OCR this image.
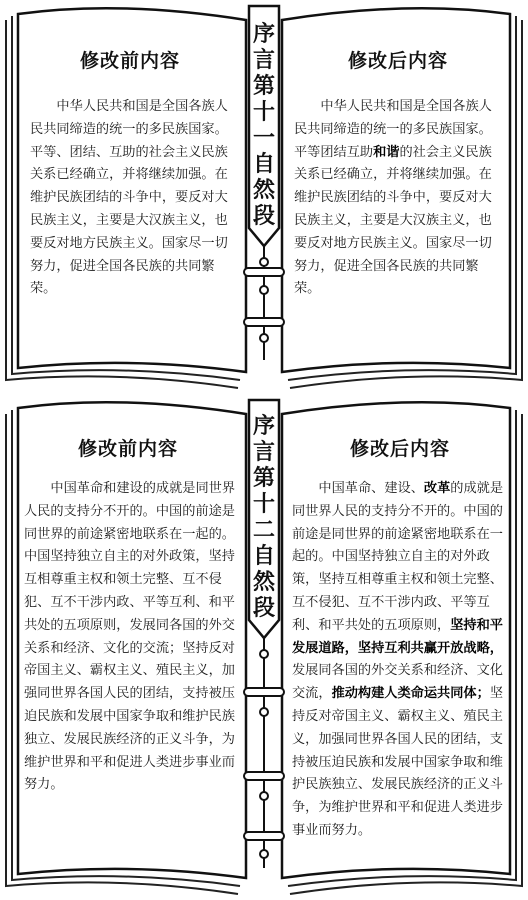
修改前内容	修改后内容
序
言
第
十
一
自
然
段

中华人民共和国是全国各族人民共同缔造的统一的多民族国家。平等、团结、互助的社会主义民族关系已经确立，并将继续加强。在维护民族团结的斗争中，要反对大民族主义，主要是大汉族主义，也要反对地方民族主义。国家尽一切努力，促进全国各民族的共同繁荣。

中华人民共和国是全国各族人民共同缔造的统一的多民族国家。平等团结互助和谐的社会主义民族关系已经确立，并将继续加强。在维护民族团结的斗争中，要反对大民族主义，主要是大汉族主义，也要反对地方民族主义。国家尽一切努力，促进全国各民族的共同繁荣。

修改前内容	修改后内容
序
言
第
十
二
自
然
段

中国革命和建设的成就是同世界人民的支持分不开的。中国的前途是同世界的前途紧密地联系在一起的。中国坚持独立自主的对外政策，坚持互相尊重主权和领土完整、互不侵犯、互不干涉内政、平等互利、和平共处的五项原则，发展同各国的外交关系和经济、文化的交流；坚持反对帝国主义、霸权主义、殖民主义，加强同世界各国人民的团结，支持被压迫民族和发展中国家争取和维护民族独立、发展民族经济的正义斗争，为维护世界和平和促进人类进步事业而努力。

中国革命、建设、改革的成就是同世界人民的支持分不开的。中国的前途是同世界的前途紧密地联系在一起的。中国坚持独立自主的对外政策，坚持互相尊重主权和领土完整、互不侵犯、互不干涉内政、平等互利、和平共处的五项原则，坚持和平发展道路，坚持互利共赢开放战略，发展同各国的外交关系和经济、文化交流，推动构建人类命运共同体；坚持反对帝国主义、霸权主义、殖民主义，加强同世界各国人民的团结，支持被压迫民族和发展中国家争取和维护民族独立、发展民族经济的正义斗争，为维护世界和平和促进人类进步事业而努力。
